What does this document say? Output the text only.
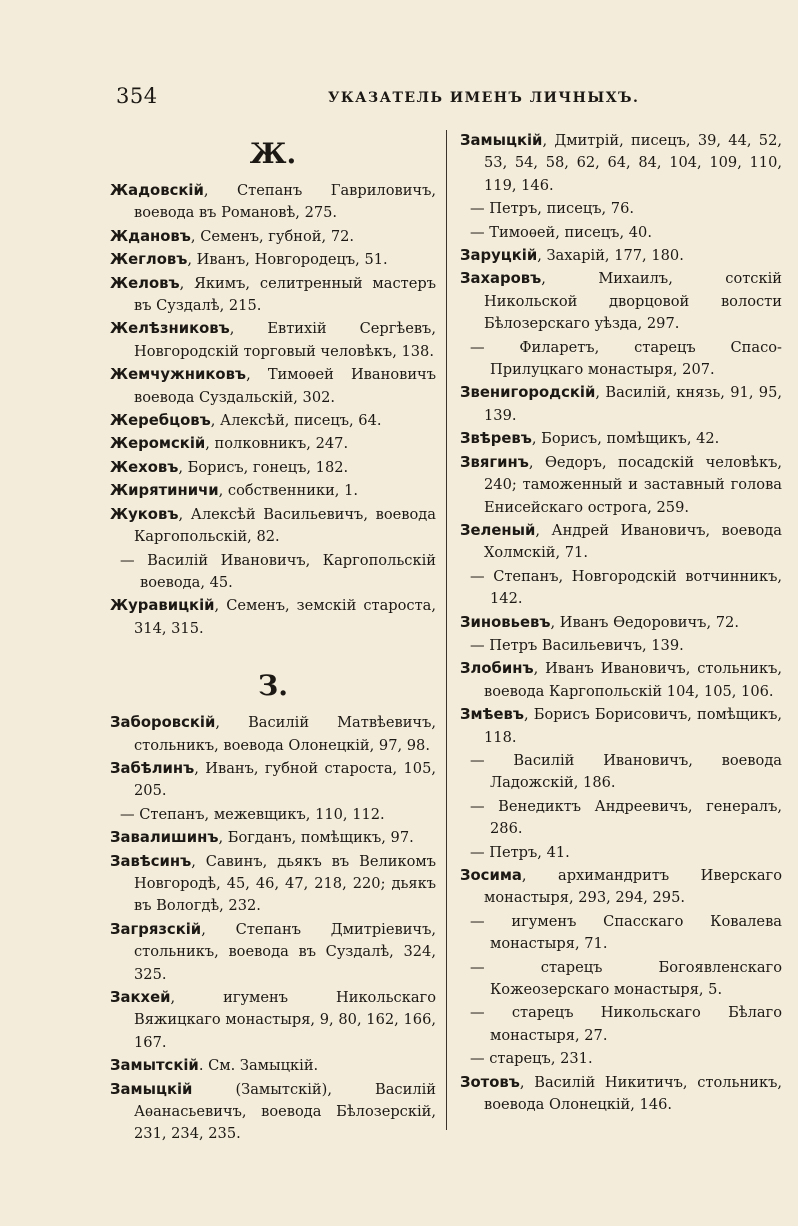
354	УКАЗАТЕЛЬ ИМЕНЪ ЛИЧНЫХЪ.
Ж.
Жадовскій, Степанъ Гавриловичъ, воевода въ Романовѣ, 275.
Ждановъ, Семенъ, губной, 72.
Жегловъ, Иванъ, Новгородецъ, 51.
Желовъ, Якимъ, селитренный мастеръ въ Суздалѣ, 215.
Желѣзниковъ, Евтихій Сергѣевъ, Новгородскій торговый человѣкъ, 138.
Жемчужниковъ, Тимоѳей Ивановичъ воевода Суздальскій, 302.
Жеребцовъ, Алексѣй, писецъ, 64.
Жеромскій, полковникъ, 247.
Жеховъ, Борисъ, гонецъ, 182.
Жирятиничи, собственники, 1.
Жуковъ, Алексѣй Васильевичъ, воевода Каргопольскій, 82.
— Василій Ивановичъ, Каргопольскій воевода, 45.
Журавицкій, Семенъ, земскій староста, 314, 315.
З.
Заборовскій, Василій Матвѣевичъ, стольникъ, воевода Олонецкій, 97, 98.
Забѣлинъ, Иванъ, губной староста, 105, 205.
— Степанъ, межевщикъ, 110, 112.
Завалишинъ, Богданъ, помѣщикъ, 97.
Завѣсинъ, Савинъ, дьякъ въ Великомъ Новгородѣ, 45, 46, 47, 218, 220; дьякъ въ Вологдѣ, 232.
Загрязскій, Степанъ Дмитріевичъ, стольникъ, воевода въ Суздалѣ, 324, 325.
Закхей, игуменъ Никольскаго Вяжицкаго монастыря, 9, 80, 162, 166, 167.
Замытскій. См. Замыцкій.
Замыцкій (Замытскій), Василій Аѳанасьевичъ, воевода Бѣлозерскій, 231, 234, 235.
Замыцкій, Дмитрій, писецъ, 39, 44, 52, 53, 54, 58, 62, 64, 84, 104, 109, 110, 119, 146.
— Петръ, писецъ, 76.
— Тимоѳей, писецъ, 40.
Заруцкій, Захарій, 177, 180.
Захаровъ, Михаилъ, сотскій Никольской дворцовой волости Бѣлозерскаго уѣзда, 297.
— Филаретъ, старецъ Спасо-Прилуцкаго монастыря, 207.
Звенигородскій, Василій, князь, 91, 95, 139.
Звѣревъ, Борисъ, помѣщикъ, 42.
Звягинъ, Ѳедоръ, посадскій человѣкъ, 240; таможенный и заставный голова Енисейскаго острога, 259.
Зеленый, Андрей Ивановичъ, воевода Холмскій, 71.
— Степанъ, Новгородскій вотчинникъ, 142.
Зиновьевъ, Иванъ Ѳедоровичъ, 72.
— Петръ Васильевичъ, 139.
Злобинъ, Иванъ Ивановичъ, стольникъ, воевода Каргопольскій 104, 105, 106.
Змѣевъ, Борисъ Борисовичъ, помѣщикъ, 118.
— Василій Ивановичъ, воевода Ладожскій, 186.
— Венедиктъ Андреевичъ, генералъ, 286.
— Петръ, 41.
Зосима, архимандритъ Иверскаго монастыря, 293, 294, 295.
— игуменъ Спасскаго Ковалева монастыря, 71.
— старецъ Богоявленскаго Кожеозерскаго монастыря, 5.
— старецъ Никольскаго Бѣлаго монастыря, 27.
— старецъ, 231.
Зотовъ, Василій Никитичъ, стольникъ, воевода Олонецкій, 146.
